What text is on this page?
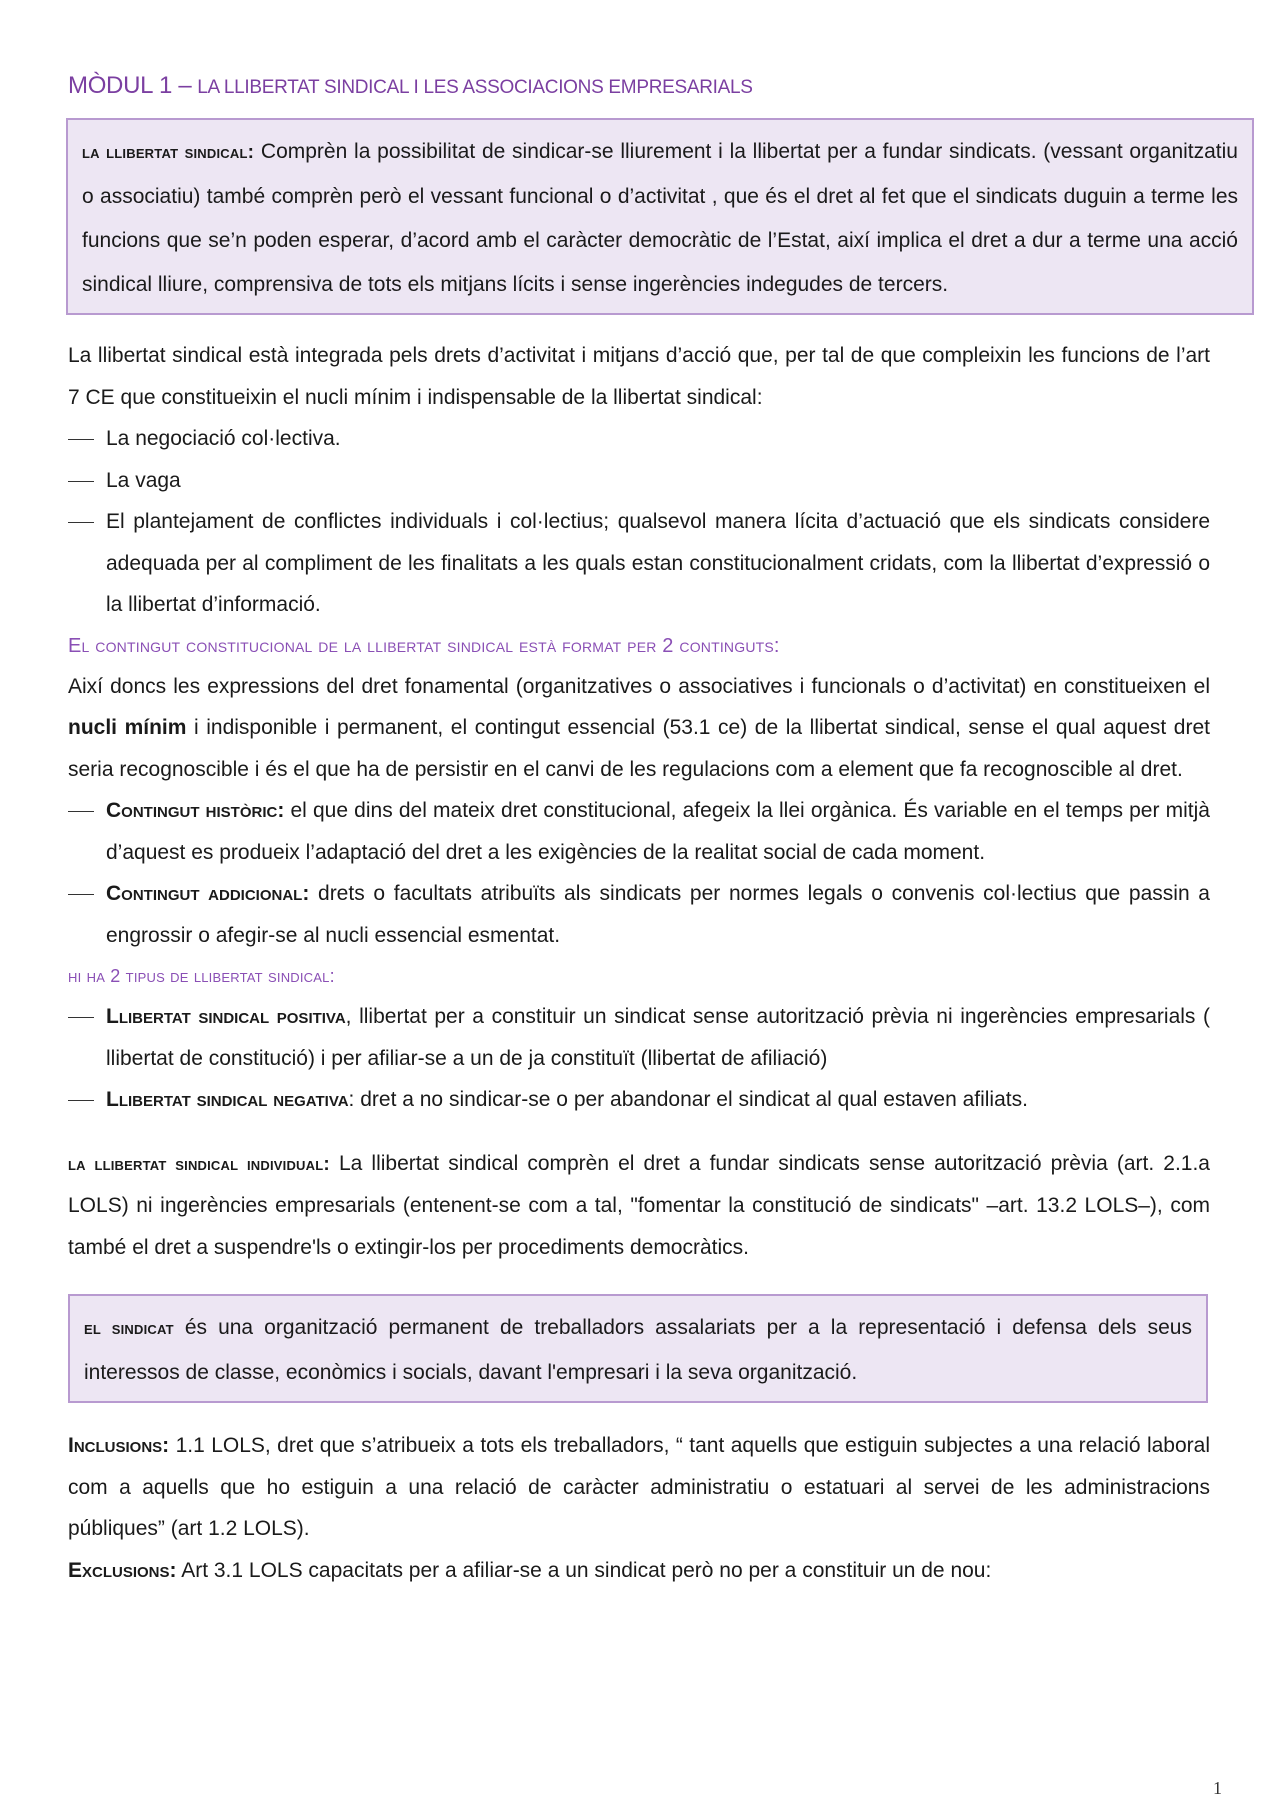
MÒDUL 1 – LA LLIBERTAT SINDICAL I LES ASSOCIACIONS EMPRESARIALS
la llibertat sindical: Comprèn la possibilitat de sindicar-se lliurement i la llibertat per a fundar sindicats. (vessant organitzatiu o associatiu) també comprèn però el vessant funcional o d’activitat , que és el dret al fet que el sindicats duguin a terme les funcions que se’n poden esperar, d’acord amb el caràcter democràtic de l’Estat, així implica el dret a dur a terme una acció sindical lliure, comprensiva de tots els mitjans lícits i sense ingerències indegudes de tercers.

La llibertat sindical està integrada pels drets d’activitat i mitjans d’acció que, per tal de que compleixin les funcions de l’art 7 CE que constitueixin el nucli mínim i indispensable de la llibertat sindical:

La negociació col·lectiva.
La vaga
El plantejament de conflictes individuals i col·lectius; qualsevol manera lícita d’actuació que els sindicats considere adequada per al compliment de les finalitats a les quals estan constitucionalment cridats, com la llibertat d’expressió o la llibertat d’informació.

El contingut constitucional de la llibertat sindical està format per 2 continguts:

Així doncs les expressions del dret fonamental (organitzatives o associatives i funcionals o d’activitat) en constitueixen el nucli mínim i indisponible i permanent, el contingut essencial (53.1 ce) de la llibertat sindical, sense el qual aquest dret seria recognoscible i és el que ha de persistir en el canvi de les regulacions com a element que fa recognoscible al dret.

Contingut històric: el que dins del mateix dret constitucional, afegeix la llei orgànica. És variable en el temps per mitjà d’aquest es produeix l’adaptació del dret a les exigències de la realitat social de cada moment.
Contingut addicional: drets o facultats atribuïts als sindicats per normes legals o convenis col·lectius que passin a engrossir o afegir-se al nucli essencial esmentat.

hi ha 2 tipus de llibertat sindical:

Llibertat sindical positiva, llibertat per a constituir un sindicat sense autorització prèvia ni ingerències empresarials ( llibertat de constitució) i per afiliar-se a un de ja constituït (llibertat de afiliació)
Llibertat sindical negativa: dret a no sindicar-se o per abandonar el sindicat al qual estaven afiliats.

la llibertat sindical individual: La llibertat sindical comprèn el dret a fundar sindicats sense autorització prèvia (art. 2.1.a LOLS) ni ingerències empresarials (entenent-se com a tal, "fomentar la constitució de sindicats" –art. 13.2 LOLS–), com també el dret a suspendre'ls o extingir-los per procediments democràtics.

el sindicat és una organització permanent de treballadors assalariats per a la representació i defensa dels seus interessos de classe, econòmics i socials, davant l'empresari i la seva organització.

Inclusions: 1.1 LOLS, dret que s’atribueix a tots els treballadors, “ tant aquells que estiguin subjectes a una relació laboral com a aquells que ho estiguin a una relació de caràcter administratiu o estatuari al servei de les administracions públiques” (art 1.2 LOLS).

Exclusions: Art 3.1 LOLS capacitats per a afiliar-se a un sindicat però no per a constituir un de nou:

1
